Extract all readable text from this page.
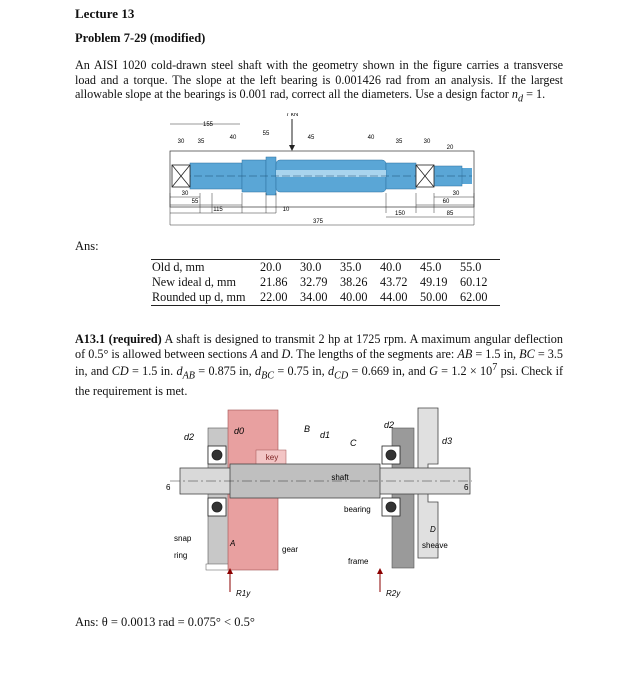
Lecture 13
Problem 7-29 (modified)
An AISI 1020 cold-drawn steel shaft with the geometry shown in the figure carries a transverse load and a torque. The slope at the left bearing is 0.001426 rad from an analysis. If the largest allowable slope at the bearings is 0.001 rad, correct all the diameters. Use a design factor $n_d = 1$.
155
40
55
7 kN
45	40
35	30
20
30 35
30
55
115	10
375
150
30
60
85
Ans:
Old d, mm	20.0	30.0	35.0	40.0	45.0	55.0
New ideal d, mm	21.86	32.79	38.26	43.72	49.19	60.12
Rounded up d, mm	22.00	34.00	40.00	44.00	50.00	62.00
A13.1 (required) A shaft is designed to transmit 2 hp at 1725 rpm. A maximum angular deflection of 0.5° is allowed between sections A and D. The lengths of the segments are: AB = 1.5 in, BC = 3.5 in, and CD = 1.5 in. $d_{AB} = 0.875$ in, $d_{BC} = 0.75$ in, $d_{CD} = 0.669$ in, and $G = 1.2 \times 10^7$ psi. Check if the requirement is met.
key
shaft
d2
d0	B
d1
C
d2
d3
bearing
snap
ring
A
gear
frame
D
sheave
6	6
R1y	R2y
Ans: θ = 0.0013 rad = 0.075° < 0.5°
